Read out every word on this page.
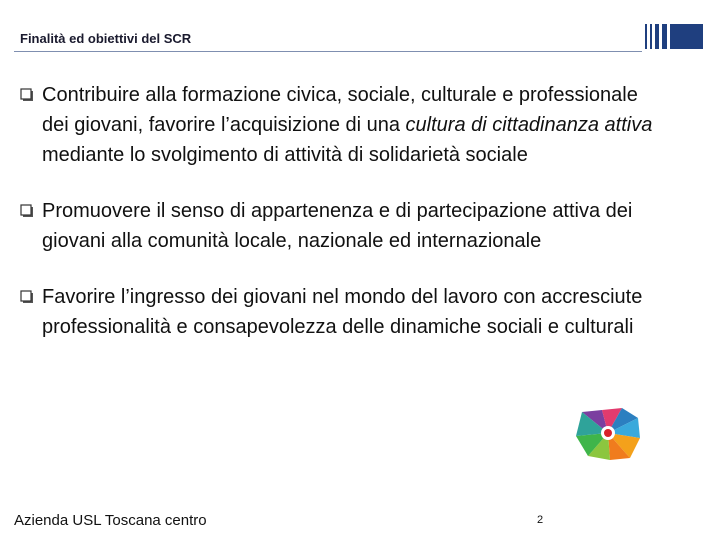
Finalità ed obiettivi del SCR
Contribuire alla formazione civica, sociale, culturale e professionale dei giovani, favorire l’acquisizione di una cultura di cittadinanza attiva mediante lo svolgimento di attività di solidarietà sociale
Promuovere il senso di appartenenza e di partecipazione attiva dei giovani alla comunità locale, nazionale ed internazionale
Favorire l’ingresso dei giovani nel mondo del lavoro con accresciute professionalità e consapevolezza delle dinamiche sociali e culturali
Azienda USL Toscana centro	2
